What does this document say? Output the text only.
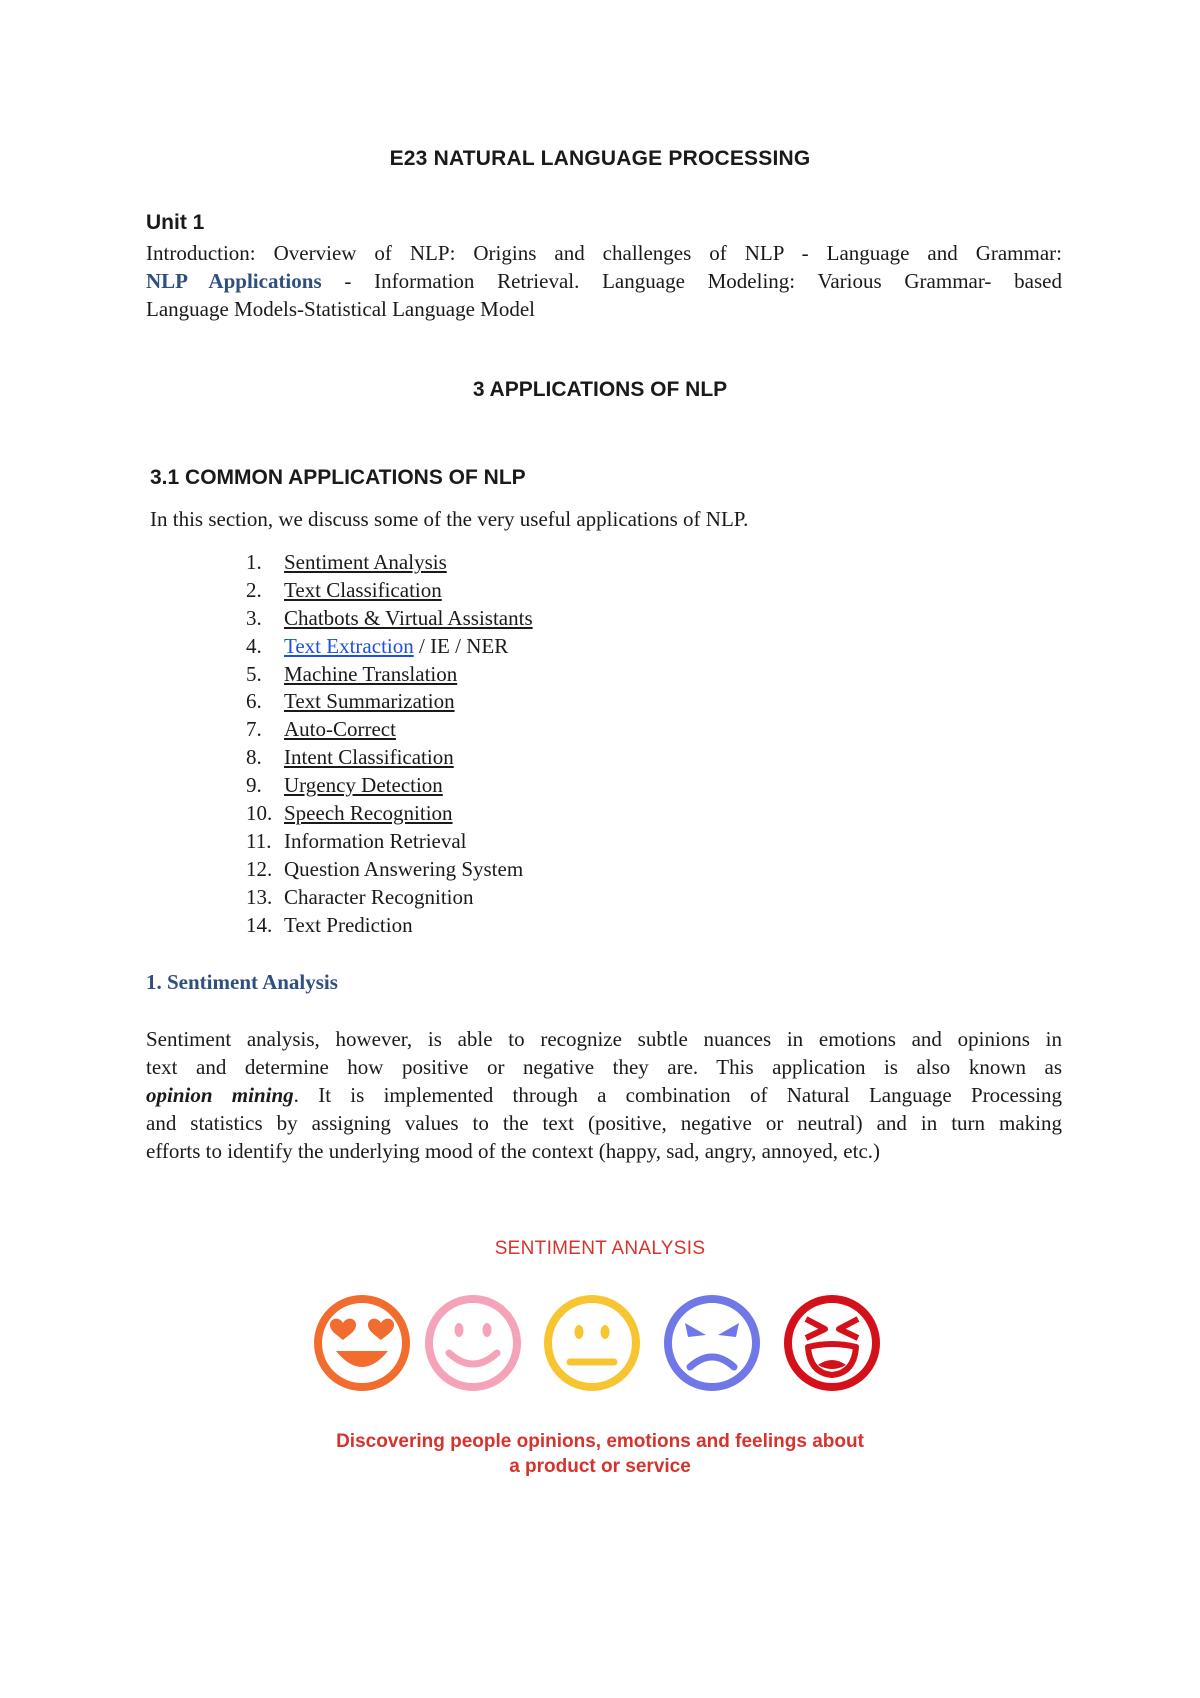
E23 NATURAL LANGUAGE PROCESSING
Unit 1

Introduction: Overview of NLP: Origins and challenges of NLP - Language and Grammar:

NLP Applications - Information Retrieval. Language Modeling: Various Grammar- based

Language Models-Statistical Language Model

3 APPLICATIONS OF NLP
3.1 COMMON APPLICATIONS OF NLP
In this section, we discuss some of the very useful applications of NLP.
1. Sentiment Analysis
2. Text Classification
3. Chatbots & Virtual Assistants
4. Text Extraction / IE / NER
5. Machine Translation
6. Text Summarization
7. Auto-Correct
8. Intent Classification
9. Urgency Detection
10. Speech Recognition
11. Information Retrieval
12. Question Answering System
13. Character Recognition
14. Text Prediction
1. Sentiment Analysis

Sentiment analysis, however, is able to recognize subtle nuances in emotions and opinions in

text and determine how positive or negative they are. This application is also known as

opinion mining. It is implemented through a combination of Natural Language Processing

and statistics by assigning values to the text (positive, negative or neutral) and in turn making

efforts to identify the underlying mood of the context (happy, sad, angry, annoyed, etc.)

SENTIMENT ANALYSIS
Discovering people opinions, emotions and feelings about
a product or service
